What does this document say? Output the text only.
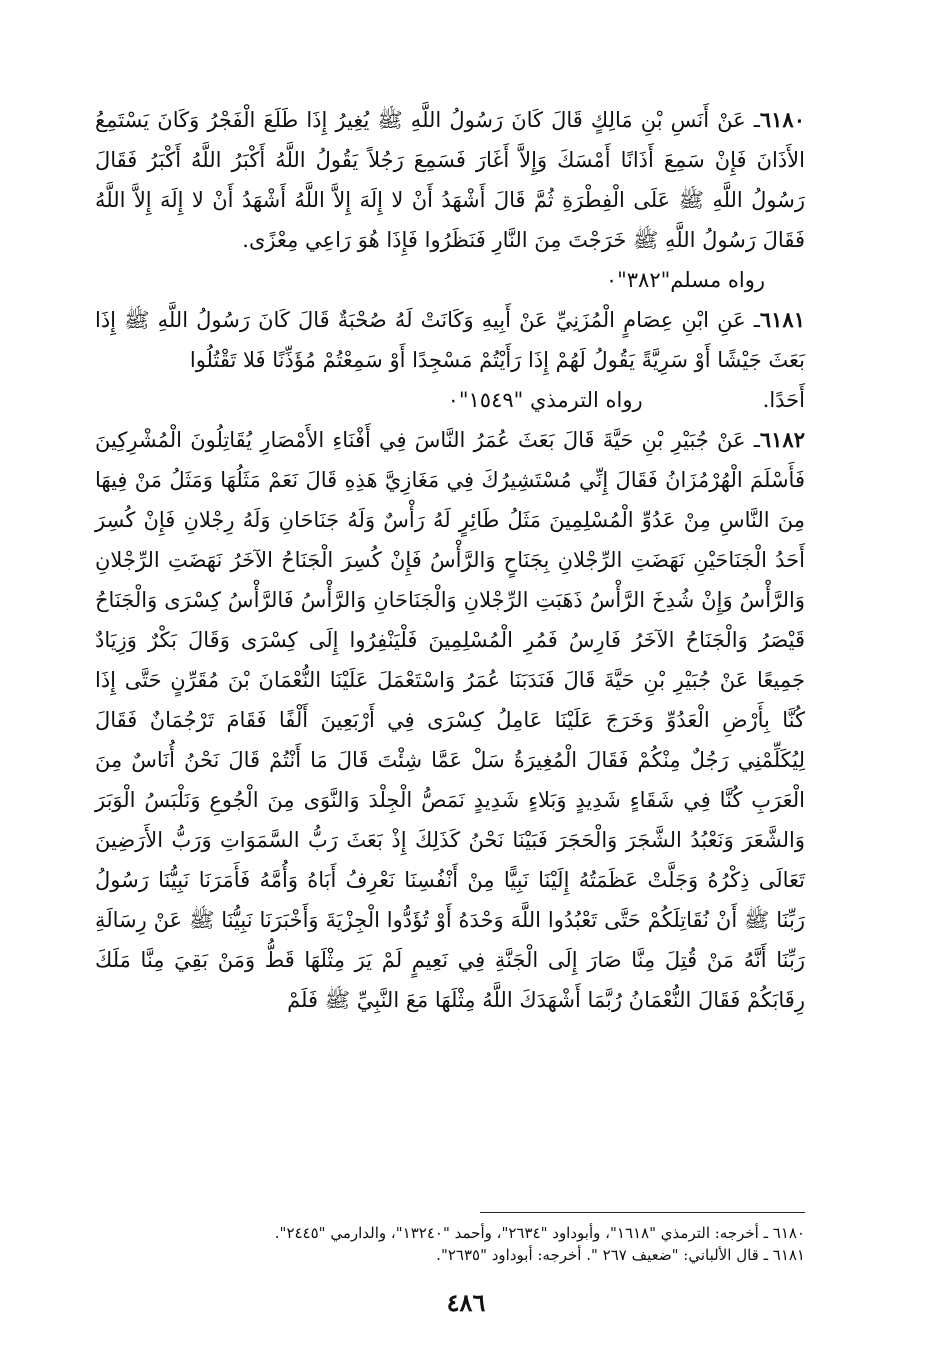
٦١٨٠ـ عَنْ أَنَسِ بْنِ مَالِكٍ قَالَ كَانَ رَسُولُ اللَّهِ ﷺ يُغِيرُ إِذَا طَلَعَ الْفَجْرُ وَكَانَ يَسْتَمِعُ الأَذَانَ فَإِنْ سَمِعَ أَذَانًا أَمْسَكَ وَإِلاَّ أَغَارَ فَسَمِعَ رَجُلاً يَقُولُ اللَّهُ أَكْبَرُ اللَّهُ أَكْبَرُ فَقَالَ رَسُولُ اللَّهِ ﷺ عَلَى الْفِطْرَةِ ثُمَّ قَالَ أَشْهَدُ أَنْ لا إِلَهَ إِلاَّ اللَّهُ أَشْهَدُ أَنْ لا إِلَهَ إِلاَّ اللَّهُ فَقَالَ رَسُولُ اللَّهِ ﷺ خَرَجْتَ مِنَ النَّارِ فَنَظَرُوا فَإِذَا هُوَ رَاعِي مِعْزًى.

رواه مسلم"٣٨٢"٠

٦١٨١ـ عَنِ ابْنِ عِصَامٍ الْمُزَنِيِّ عَنْ أَبِيهِ وَكَانَتْ لَهُ صُحْبَةٌ قَالَ كَانَ رَسُولُ اللَّهِ ﷺ إِذَا بَعَثَ جَيْشًا أَوْ سَرِيَّةً يَقُولُ لَهُمْ إِذَا رَأَيْتُمْ مَسْجِدًا أَوْ سَمِعْتُمْ مُؤَذِّنًا فَلا تَقْتُلُوا

أَحَدًا.رواه الترمذي "١٥٤٩"٠

٦١٨٢ـ عَنْ جُبَيْرِ بْنِ حَيَّةَ قَالَ بَعَثَ عُمَرُ النَّاسَ فِي أَفْنَاءِ الأَمْصَارِ يُقَاتِلُونَ الْمُشْرِكِينَ فَأَسْلَمَ الْهُرْمُزَانُ فَقَالَ إِنِّي مُسْتَشِيرُكَ فِي مَغَازِيَّ هَذِهِ قَالَ نَعَمْ مَثَلُهَا وَمَثَلُ مَنْ فِيهَا مِنَ النَّاسِ مِنْ عَدُوِّ الْمُسْلِمِينَ مَثَلُ طَائِرٍ لَهُ رَأْسٌ وَلَهُ جَنَاحَانِ وَلَهُ رِجْلانِ فَإِنْ كُسِرَ أَحَدُ الْجَنَاحَيْنِ نَهَضَتِ الرِّجْلانِ بِجَنَاحٍ وَالرَّأْسُ فَإِنْ كُسِرَ الْجَنَاحُ الآخَرُ نَهَضَتِ الرِّجْلانِ وَالرَّأْسُ وَإِنْ شُدِخَ الرَّأْسُ ذَهَبَتِ الرِّجْلانِ وَالْجَنَاحَانِ وَالرَّأْسُ فَالرَّأْسُ كِسْرَى وَالْجَنَاحُ قَيْصَرُ وَالْجَنَاحُ الآخَرُ فَارِسُ فَمُرِ الْمُسْلِمِينَ فَلْيَنْفِرُوا إِلَى كِسْرَى وَقَالَ بَكْرٌ وَزِيَادٌ جَمِيعًا عَنْ جُبَيْرِ بْنِ حَيَّةَ قَالَ فَنَدَبَنَا عُمَرُ وَاسْتَعْمَلَ عَلَيْنَا النُّعْمَانَ بْنَ مُقَرِّنٍ حَتَّى إِذَا كُنَّا بِأَرْضِ الْعَدُوِّ وَخَرَجَ عَلَيْنَا عَامِلُ كِسْرَى فِي أَرْبَعِينَ أَلْفًا فَقَامَ تَرْجُمَانٌ فَقَالَ لِيُكَلِّمْنِي رَجُلٌ مِنْكُمْ فَقَالَ الْمُغِيرَةُ سَلْ عَمَّا شِئْتَ قَالَ مَا أَنْتُمْ قَالَ نَحْنُ أُنَاسٌ مِنَ الْعَرَبِ كُنَّا فِي شَقَاءٍ شَدِيدٍ وَبَلاءٍ شَدِيدٍ نَمَصُّ الْجِلْدَ وَالنَّوَى مِنَ الْجُوعِ وَنَلْبَسُ الْوَبَرَ وَالشَّعَرَ وَنَعْبُدُ الشَّجَرَ وَالْحَجَرَ فَبَيْنَا نَحْنُ كَذَلِكَ إِذْ بَعَثَ رَبُّ السَّمَوَاتِ وَرَبُّ الأَرَضِينَ تَعَالَى ذِكْرُهُ وَجَلَّتْ عَظَمَتُهُ إِلَيْنَا نَبِيًّا مِنْ أَنْفُسِنَا نَعْرِفُ أَبَاهُ وَأُمَّهُ فَأَمَرَنَا نَبِيُّنَا رَسُولُ رَبِّنَا ﷺ أَنْ نُقَاتِلَكُمْ حَتَّى تَعْبُدُوا اللَّهَ وَحْدَهُ أَوْ تُؤَدُّوا الْجِزْيَةَ وَأَخْبَرَنَا نَبِيُّنَا ﷺ عَنْ رِسَالَةِ رَبِّنَا أَنَّهُ مَنْ قُتِلَ مِنَّا صَارَ إِلَى الْجَنَّةِ فِي نَعِيمٍ لَمْ يَرَ مِثْلَهَا قَطُّ وَمَنْ بَقِيَ مِنَّا مَلَكَ رِقَابَكُمْ فَقَالَ النُّعْمَانُ رُبَّمَا أَشْهَدَكَ اللَّهُ مِثْلَهَا مَعَ النَّبِيِّ ﷺ فَلَمْ

٦١٨٠ ـ أخرجه: الترمذي "١٦١٨"، وأبوداود "٢٦٣٤"، وأحمد "١٣٢٤٠"، والدارمي "٢٤٤٥".

٦١٨١ ـ قال الألباني: "ضعيف ٢٦٧ ". أخرجه: أبوداود "٢٦٣٥".

٤٨٦
